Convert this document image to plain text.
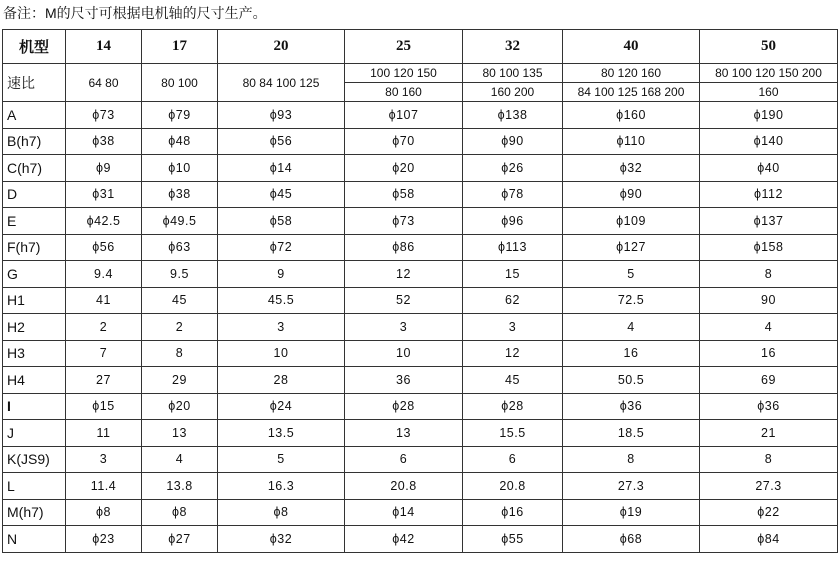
备注：M的尺寸可根据电机轴的尺寸生产。
机型	14	17	20	25	32	40	50
速比	64 80	80 100	80 84 100 125	100 120 150	80 100 135	80 120 160	80 100 120 150 200
				80 160	160 200	84 100 125 168 200	160
A	ϕ73	ϕ79	ϕ93	ϕ107	ϕ138	ϕ160	ϕ190
B(h7)	ϕ38	ϕ48	ϕ56	ϕ70	ϕ90	ϕ110	ϕ140
C(h7)	ϕ9	ϕ10	ϕ14	ϕ20	ϕ26	ϕ32	ϕ40
D	ϕ31	ϕ38	ϕ45	ϕ58	ϕ78	ϕ90	ϕ112
E	ϕ42.5	ϕ49.5	ϕ58	ϕ73	ϕ96	ϕ109	ϕ137
F(h7)	ϕ56	ϕ63	ϕ72	ϕ86	ϕ113	ϕ127	ϕ158
G	9.4	9.5	9	12	15	5	8
H1	41	45	45.5	52	62	72.5	90
H2	2	2	3	3	3	4	4
H3	7	8	10	10	12	16	16
H4	27	29	28	36	45	50.5	69
I	ϕ15	ϕ20	ϕ24	ϕ28	ϕ28	ϕ36	ϕ36
J	11	13	13.5	13	15.5	18.5	21
K(JS9)	3	4	5	6	6	8	8
L	11.4	13.8	16.3	20.8	20.8	27.3	27.3
M(h7)	ϕ8	ϕ8	ϕ8	ϕ14	ϕ16	ϕ19	ϕ22
N	ϕ23	ϕ27	ϕ32	ϕ42	ϕ55	ϕ68	ϕ84
